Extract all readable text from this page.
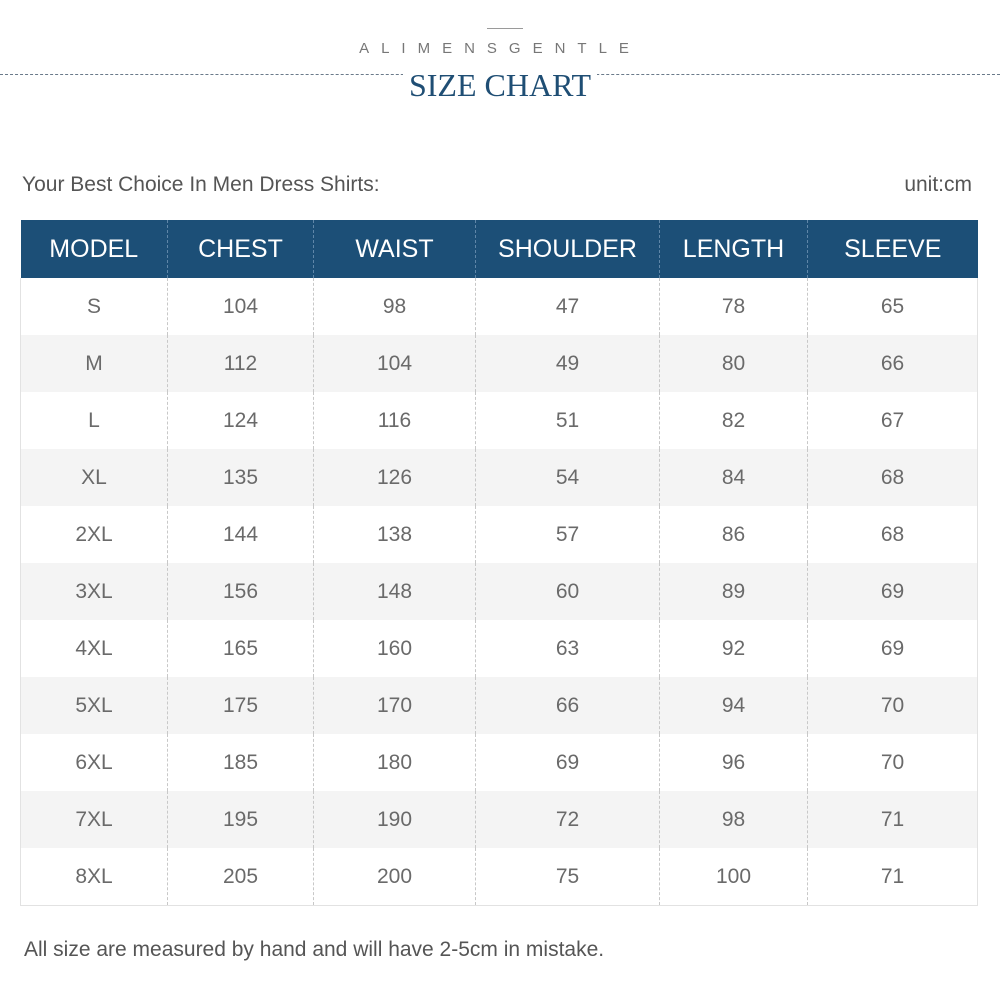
ALIMENSGENTLE
SIZE CHART
Your Best Choice In Men Dress Shirts:	unit:cm
MODEL	CHEST	WAIST	SHOULDER	LENGTH	SLEEVE
S	104	98	47	78	65
M	112	104	49	80	66
L	124	116	51	82	67
XL	135	126	54	84	68
2XL	144	138	57	86	68
3XL	156	148	60	89	69
4XL	165	160	63	92	69
5XL	175	170	66	94	70
6XL	185	180	69	96	70
7XL	195	190	72	98	71
8XL	205	200	75	100	71
All size are measured by hand and will have 2-5cm in mistake.
